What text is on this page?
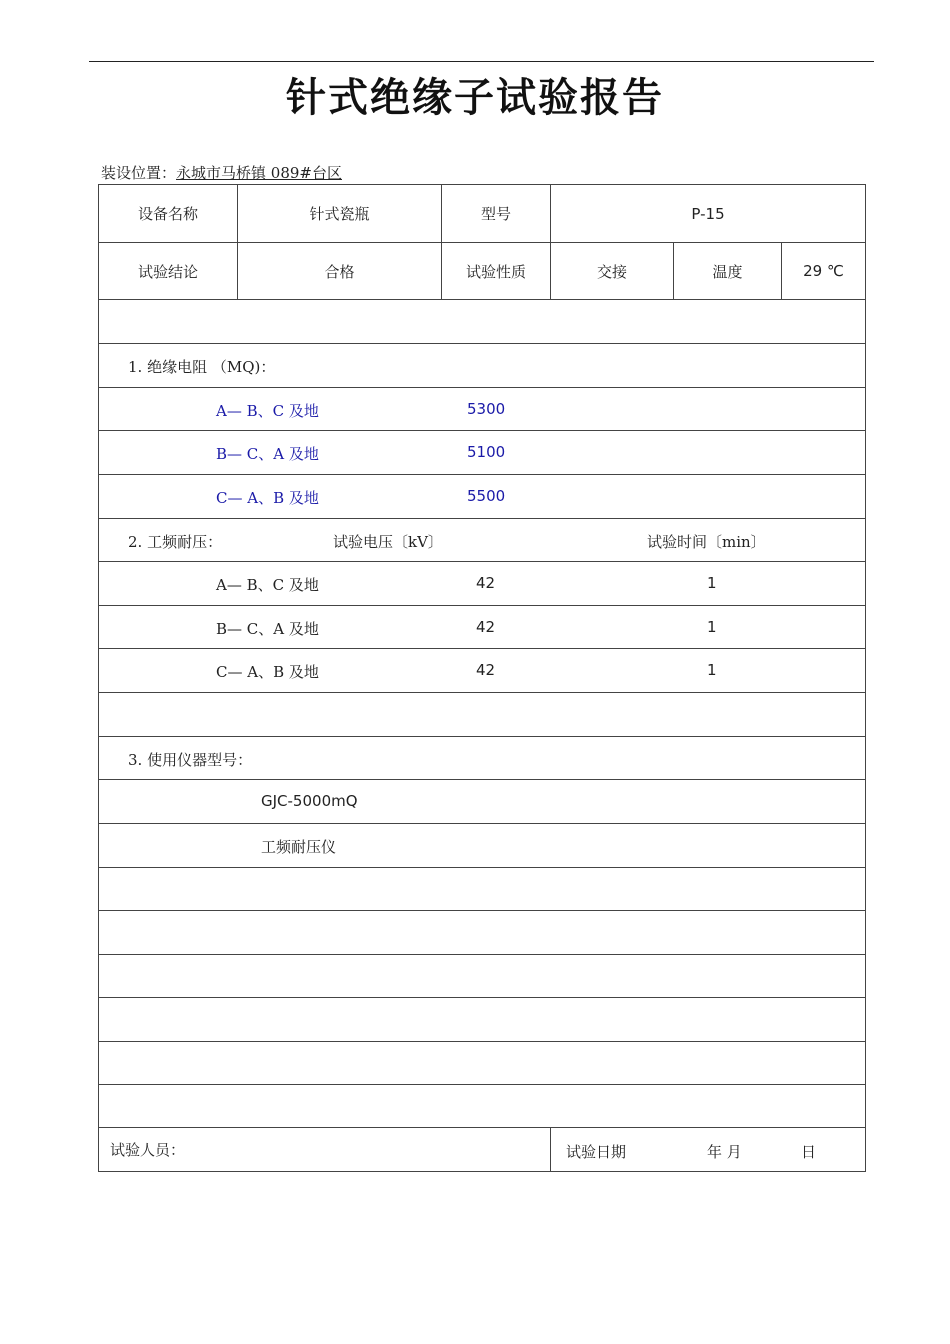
针式绝缘子试验报告
装设位置：永城市马桥镇 089#台区
设备名称	针式瓷瓶	型号	P-15
试验结论	合格	试验性质	交接	温度	29 ℃
1. 绝缘电阻 （MQ)：
A— B、C 及地	5300
B— C、A 及地	5100
C— A、B 及地	5500
2. 工频耐压：	试验电压〔kV〕	试验时间〔min〕
A— B、C 及地	42	1
B— C、A 及地	42	1
C— A、B 及地	42	1
3. 使用仪器型号：
GJC-5000mQ
工频耐压仪
试验人员：	试验日期	年 月	日
